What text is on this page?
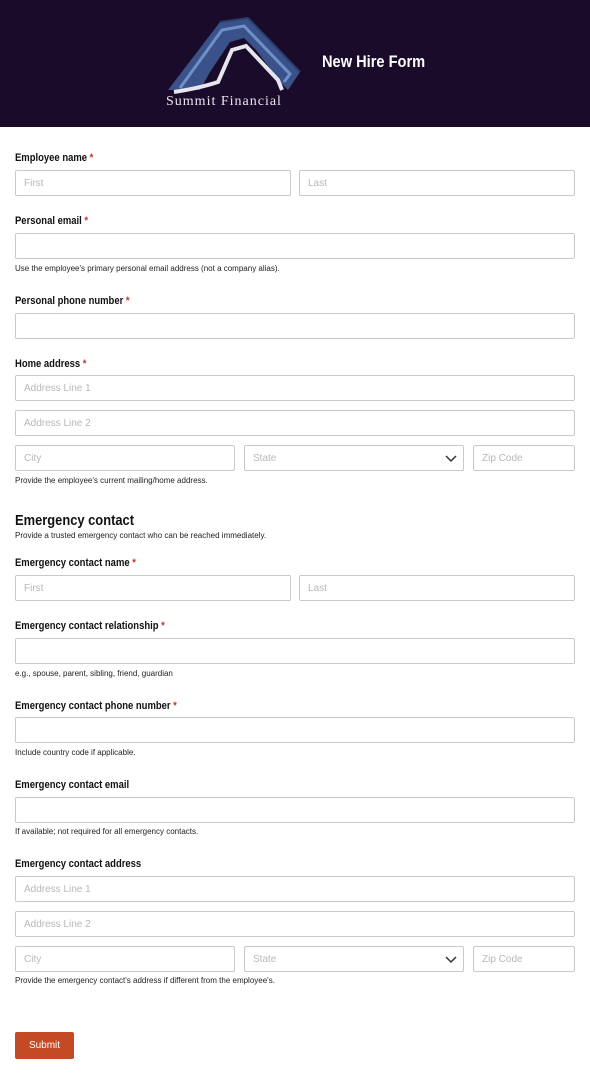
Summit Financial
New Hire Form
Employee name *
First
Last
Personal email *
Use the employee's primary personal email address (not a company alias).
Personal phone number *
Home address *
Address Line 1
Address Line 2
City
State
Zip Code
Provide the employee's current mailing/home address.
Emergency contact
Provide a trusted emergency contact who can be reached immediately.
Emergency contact name *
First
Last
Emergency contact relationship *
e.g., spouse, parent, sibling, friend, guardian
Emergency contact phone number *
Include country code if applicable.
Emergency contact email
If available; not required for all emergency contacts.
Emergency contact address
Address Line 1
Address Line 2
City
State
Zip Code
Provide the emergency contact's address if different from the employee's.
Submit
